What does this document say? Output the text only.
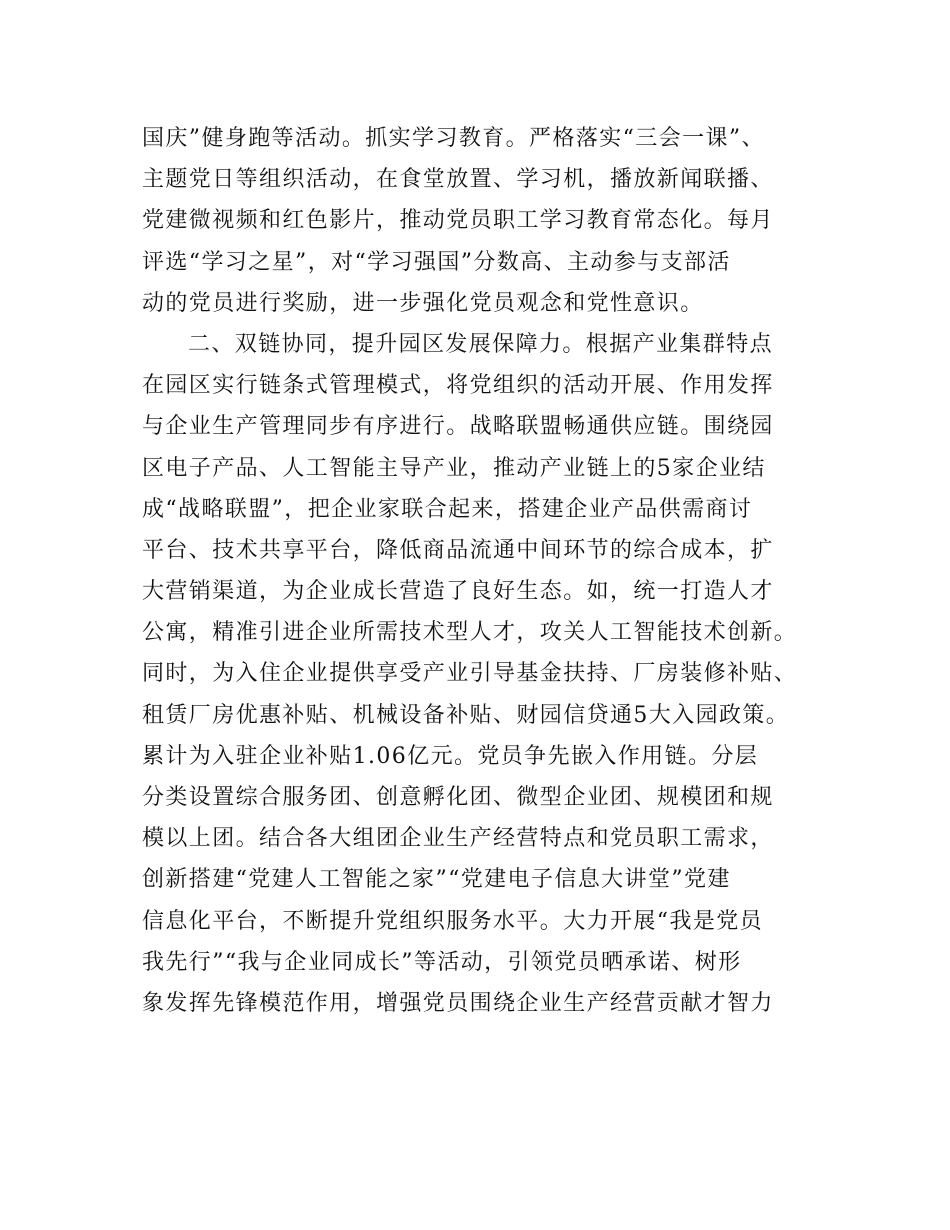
国庆”健身跑等活动。抓实学习教育。严格落实“三会一课”、
主题党日等组织活动，在食堂放置、学习机，播放新闻联播、
党建微视频和红色影片，推动党员职工学习教育常态化。每月
评选“学习之星”，对“学习强国”分数高、主动参与支部活
动的党员进行奖励，进一步强化党员观念和党性意识。
二、双链协同，提升园区发展保障力。根据产业集群特点
在园区实行链条式管理模式，将党组织的活动开展、作用发挥
与企业生产管理同步有序进行。战略联盟畅通供应链。围绕园
区电子产品、人工智能主导产业，推动产业链上的5家企业结
成“战略联盟”，把企业家联合起来，搭建企业产品供需商讨
平台、技术共享平台，降低商品流通中间环节的综合成本，扩
大营销渠道，为企业成长营造了良好生态。如，统一打造人才
公寓，精准引进企业所需技术型人才，攻关人工智能技术创新。
同时，为入住企业提供享受产业引导基金扶持、厂房装修补贴、
租赁厂房优惠补贴、机械设备补贴、财园信贷通5大入园政策。
累计为入驻企业补贴1.06亿元。党员争先嵌入作用链。分层
分类设置综合服务团、创意孵化团、微型企业团、规模团和规
模以上团。结合各大组团企业生产经营特点和党员职工需求，
创新搭建“党建人工智能之家”“党建电子信息大讲堂”党建
信息化平台，不断提升党组织服务水平。大力开展“我是党员
我先行”“我与企业同成长”等活动，引领党员晒承诺、树形
象发挥先锋模范作用，增强党员围绕企业生产经营贡献才智力
